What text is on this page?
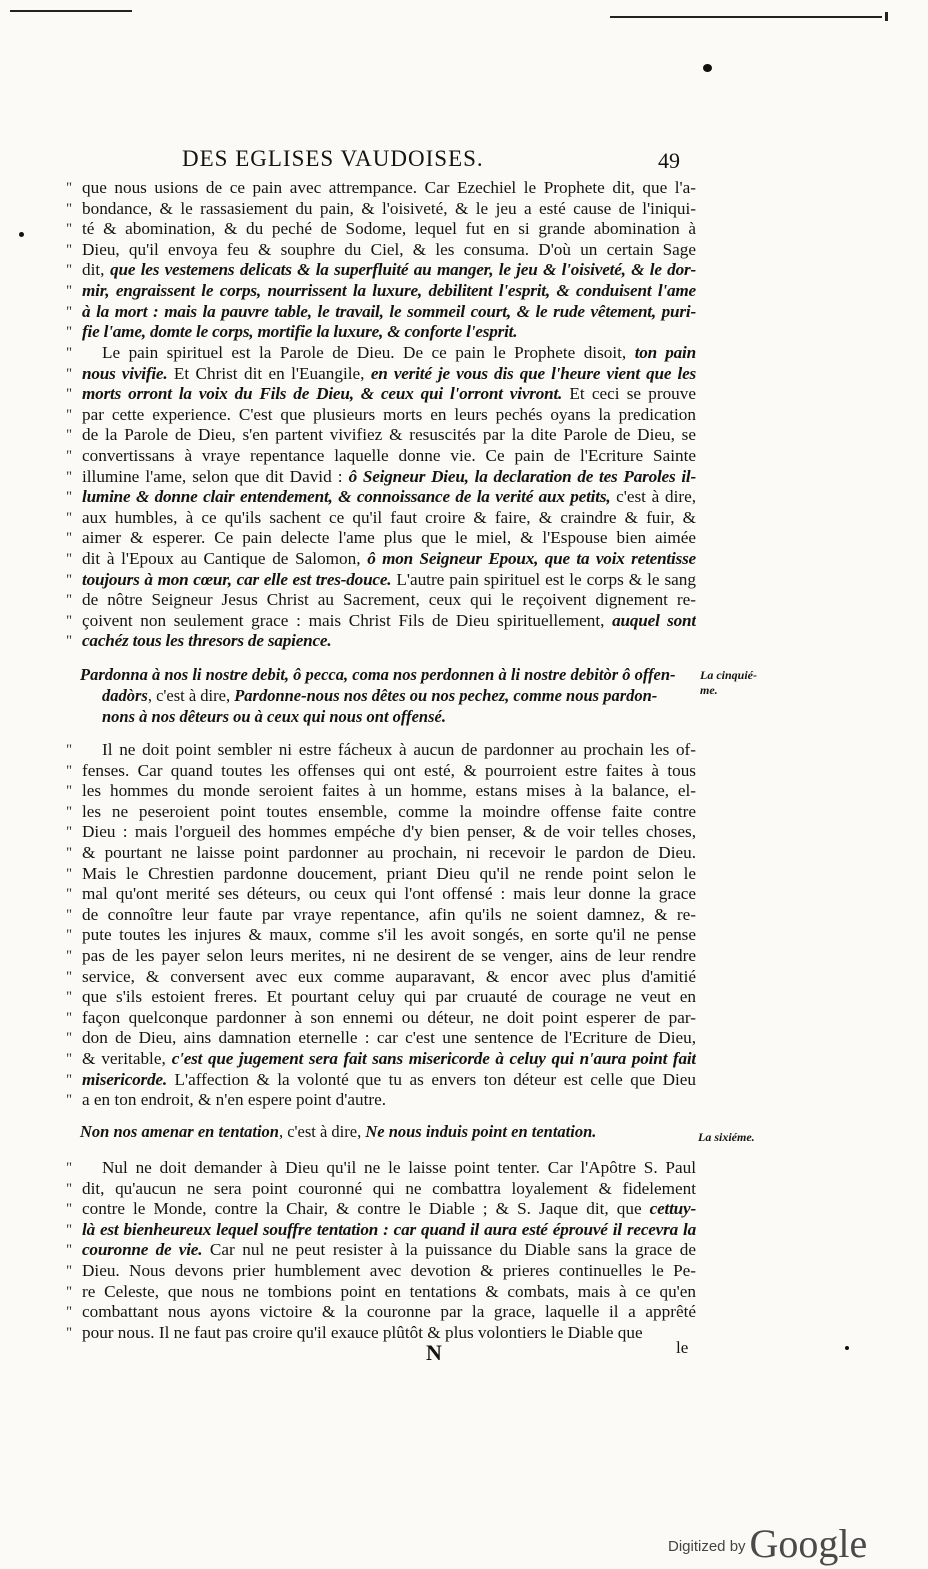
DES EGLISES VAUDOISES.	49
" que nous usions de ce pain avec attrempance. Car Ezechiel le Prophete dit, que l'a-
" bondance, & le rassasiement du pain, & l'oisiveté, & le jeu a esté cause de l'iniqui-
" té & abomination, & du peché de Sodome, lequel fut en si grande abomination à
" Dieu, qu'il envoya feu & souphre du Ciel, & les consuma. D'où un certain Sage
" dit, que les vestemens delicats & la superfluité au manger, le jeu & l'oisiveté, & le dor-
" mir, engraissent le corps, nourrissent la luxure, debilitent l'esprit, & conduisent l'ame
" à la mort : mais la pauvre table, le travail, le sommeil court, & le rude vêtement, puri-
" fie l'ame, domte le corps, mortifie la luxure, & conforte l'esprit.
" Le pain spirituel est la Parole de Dieu. De ce pain le Prophete disoit, ton pain
" nous vivifie. Et Christ dit en l'Euangile, en verité je vous dis que l'heure vient que les
" morts orront la voix du Fils de Dieu, & ceux qui l'orront vivront. Et ceci se prouve
" par cette experience. C'est que plusieurs morts en leurs pechés oyans la predication
" de la Parole de Dieu, s'en partent vivifiez & resuscités par la dite Parole de Dieu, se
" convertissans à vraye repentance laquelle donne vie. Ce pain de l'Ecriture Sainte
" illumine l'ame, selon que dit David : ô Seigneur Dieu, la declaration de tes Paroles il-
" lumine & donne clair entendement, & connoissance de la verité aux petits, c'est à dire,
" aux humbles, à ce qu'ils sachent ce qu'il faut croire & faire, & craindre & fuir, &
" aimer & esperer. Ce pain delecte l'ame plus que le miel, & l'Espouse bien aimée
" dit à l'Epoux au Cantique de Salomon, ô mon Seigneur Epoux, que ta voix retentisse
" toujours à mon cœur, car elle est tres-douce. L'autre pain spirituel est le corps & le sang
" de nôtre Seigneur Jesus Christ au Sacrement, ceux qui le reçoivent dignement re-
" çoivent non seulement grace : mais Christ Fils de Dieu spirituellement, auquel sont
" cachéz tous les thresors de sapience.
Pardonna à nos li nostre debit, ô pecca, coma nos perdonnen à li nostre debitòr ô offen-
dadòrs, c'est à dire, Pardonne-nous nos dêtes ou nos pechez, comme nous pardon-
nons à nos dêteurs ou à ceux qui nous ont offensé.
La cinquié-
me.
" Il ne doit point sembler ni estre fácheux à aucun de pardonner au prochain les of-
" fenses. Car quand toutes les offenses qui ont esté, & pourroient estre faites à tous
" les hommes du monde seroient faites à un homme, estans mises à la balance, el-
" les ne peseroient point toutes ensemble, comme la moindre offense faite contre
" Dieu : mais l'orgueil des hommes empéche d'y bien penser, & de voir telles choses,
" & pourtant ne laisse point pardonner au prochain, ni recevoir le pardon de Dieu.
" Mais le Chrestien pardonne doucement, priant Dieu qu'il ne rende point selon le
" mal qu'ont merité ses déteurs, ou ceux qui l'ont offensé : mais leur donne la grace
" de connoître leur faute par vraye repentance, afin qu'ils ne soient damnez, & re-
" pute toutes les injures & maux, comme s'il les avoit songés, en sorte qu'il ne pense
" pas de les payer selon leurs merites, ni ne desirent de se venger, ains de leur rendre
" service, & conversent avec eux comme auparavant, & encor avec plus d'amitié
" que s'ils estoient freres. Et pourtant celuy qui par cruauté de courage ne veut en
" façon quelconque pardonner à son ennemi ou déteur, ne doit point esperer de par-
" don de Dieu, ains damnation eternelle : car c'est une sentence de l'Ecriture de Dieu,
" & veritable, c'est que jugement sera fait sans misericorde à celuy qui n'aura point fait
" misericorde. L'affection & la volonté que tu as envers ton déteur est celle que Dieu
" a en ton endroit, & n'en espere point d'autre.
Non nos amenar en tentation, c'est à dire, Ne nous induis point en tentation.	La sixiéme.
" Nul ne doit demander à Dieu qu'il ne le laisse point tenter. Car l'Apôtre S. Paul
" dit, qu'aucun ne sera point couronné qui ne combattra loyalement & fidelement
" contre le Monde, contre la Chair, & contre le Diable ; & S. Jaque dit, que cettuy-
" là est bienheureux lequel souffre tentation : car quand il aura esté éprouvé il recevra la
" couronne de vie. Car nul ne peut resister à la puissance du Diable sans la grace de
" Dieu. Nous devons prier humblement avec devotion & prieres continuelles le Pe-
" re Celeste, que nous ne tombions point en tentations & combats, mais à ce qu'en
" combattant nous ayons victoire & la couronne par la grace, laquelle il a apprêté
" pour nous. Il ne faut pas croire qu'il exauce plûtôt & plus volontiers le Diable que
N	le
Digitized by Google
